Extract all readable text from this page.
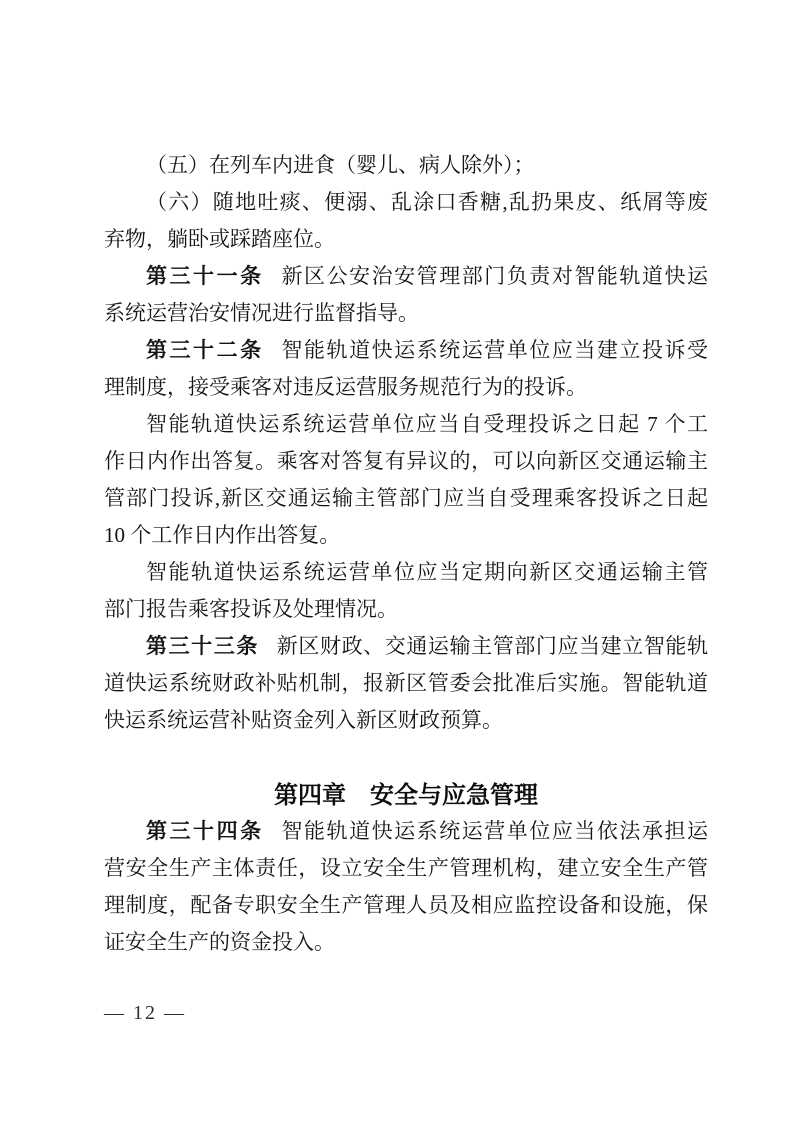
（五）在列车内进食（婴儿、病人除外）；
（六）随地吐痰、便溺、乱涂口香糖,乱扔果皮、纸屑等废
弃物，躺卧或踩踏座位。
第三十一条 新区公安治安管理部门负责对智能轨道快运
系统运营治安情况进行监督指导。
第三十二条 智能轨道快运系统运营单位应当建立投诉受
理制度，接受乘客对违反运营服务规范行为的投诉。
智能轨道快运系统运营单位应当自受理投诉之日起 7 个工
作日内作出答复。乘客对答复有异议的，可以向新区交通运输主
管部门投诉,新区交通运输主管部门应当自受理乘客投诉之日起
10 个工作日内作出答复。
智能轨道快运系统运营单位应当定期向新区交通运输主管
部门报告乘客投诉及处理情况。
第三十三条 新区财政、交通运输主管部门应当建立智能轨
道快运系统财政补贴机制，报新区管委会批准后实施。智能轨道
快运系统运营补贴资金列入新区财政预算。
第四章　安全与应急管理
第三十四条 智能轨道快运系统运营单位应当依法承担运
营安全生产主体责任，设立安全生产管理机构，建立安全生产管
理制度，配备专职安全生产管理人员及相应监控设备和设施，保
证安全生产的资金投入。
— 12 —
